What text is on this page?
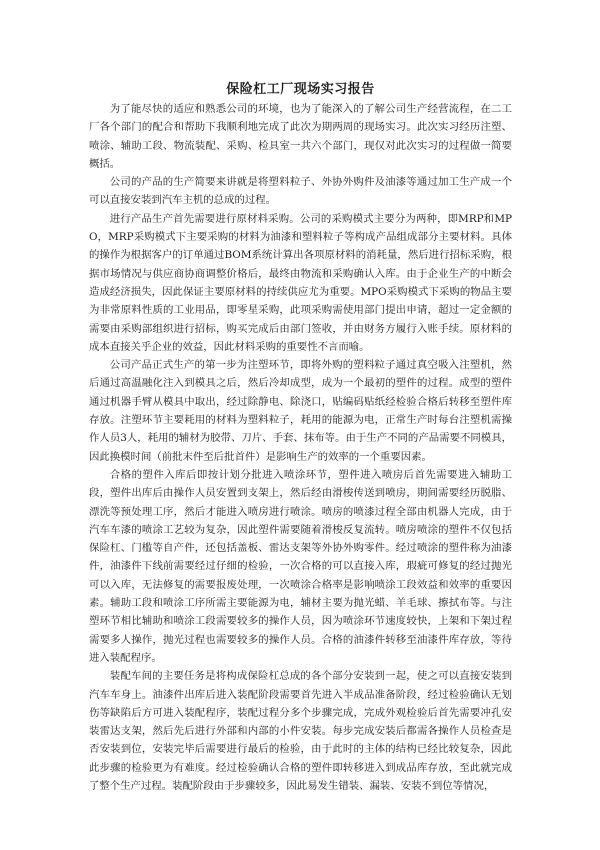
保险杠工厂现场实习报告

为了能尽快的适应和熟悉公司的环境，也为了能深入的了解公司生产经营流程，在二工厂各个部门的配合和帮助下我顺利地完成了此次为期两周的现场实习。此次实习经历注塑、喷涂、辅助工段、物流装配、采购、检具室一共六个部门，现仅对此次实习的过程做一简要概括。

公司的产品的生产简要来讲就是将塑料粒子、外协外购件及油漆等通过加工生产成一个可以直接安装到汽车主机的总成的过程。

进行产品生产首先需要进行原材料采购。公司的采购模式主要分为两种，即MRP和MPO，MRP采购模式下主要采购的材料为油漆和塑料粒子等构成产品组成部分主要材料。具体的操作为根据客户的订单通过BOM系统计算出各项原材料的消耗量，然后进行招标采购，根据市场情况与供应商协商调整价格后，最终由物流和采购确认入库。由于企业生产的中断会造成经济损失，因此保证主要原材料的持续供应尤为重要。MPO采购模式下采购的物品主要为非常原料性质的工业用品，即零星采购，此项采购需使用部门提出申请，超过一定金额的需要由采购部组织进行招标，购买完成后由部门签收，并由财务方履行入账手续。原材料的成本直接关乎企业的效益，因此材料采购的重要性不言而喻。

公司产品正式生产的第一步为注塑环节，即将外购的塑料粒子通过真空吸入注塑机，然后通过高温融化注入到模具之后，然后冷却成型，成为一个最初的塑件的过程。成型的塑件通过机器手臂从模具中取出，经过除静电、除浇口，贴编码贴纸经检验合格后转移至塑件库存放。注塑环节主要耗用的材料为塑料粒子，耗用的能源为电，正常生产时每台注塑机需操作人员3人，耗用的辅材为胶带、刀片、手套、抹布等。由于生产不同的产品需要不同模具，因此换模时间（前批末件至后批首件）是影响生产的效率的一个重要因素。

合格的塑件入库后即按计划分批进入喷涂环节，塑件进入喷房后首先需要进入辅助工段，塑件出库后由操作人员安置到支架上，然后经由滑梭传送到喷房，期间需要经历脱脂、漂洗等预处理工序，然后才能进入喷房进行喷涂。喷房的喷漆过程全部由机器人完成，由于汽车车漆的喷涂工艺较为复杂，因此塑件需要随着滑梭反复流转。喷房喷涂的塑件不仅包括保险杠、门槛等自产件，还包括盖板、雷达支架等外协外购零件。经过喷涂的塑件称为油漆件，油漆件下线前需要经过仔细的检验，一次合格的可以直接入库，瑕疵可修复的经过抛光可以入库，无法修复的需要报废处理，一次喷涂合格率是影响喷涂工段效益和效率的重要因素。辅助工段和喷涂工序所需主要能源为电，辅材主要为抛光蜡、羊毛球、擦拭布等。与注塑环节相比辅助和喷涂工段需要较多的操作人员，因为喷涂环节速度较快，上架和下架过程需要多人操作，抛光过程也需要较多的操作人员。合格的油漆件转移至油漆件库存放，等待进入装配程序。

装配车间的主要任务是将构成保险杠总成的各个部分安装到一起，使之可以直接安装到汽车车身上。油漆件出库后进入装配阶段需要首先进入半成品准备阶段，经过检验确认无划伤等缺陷后方可进入装配程序，装配过程分多个步骤完成，完成外观检验后首先需要冲孔安装雷达支架，然后先后进行外部和内部的小件安装。每步完成安装后都需各操作人员检查是否安装到位，安装完毕后需要进行最后的检验，由于此时的主体的结构已经比较复杂，因此此步骤的检验更为有难度。经过检验确认合格的塑件即转移进入到成品库存放，至此就完成了整个生产过程。装配阶段由于步骤较多，因此易发生错装、漏装、安装不到位等情况，
